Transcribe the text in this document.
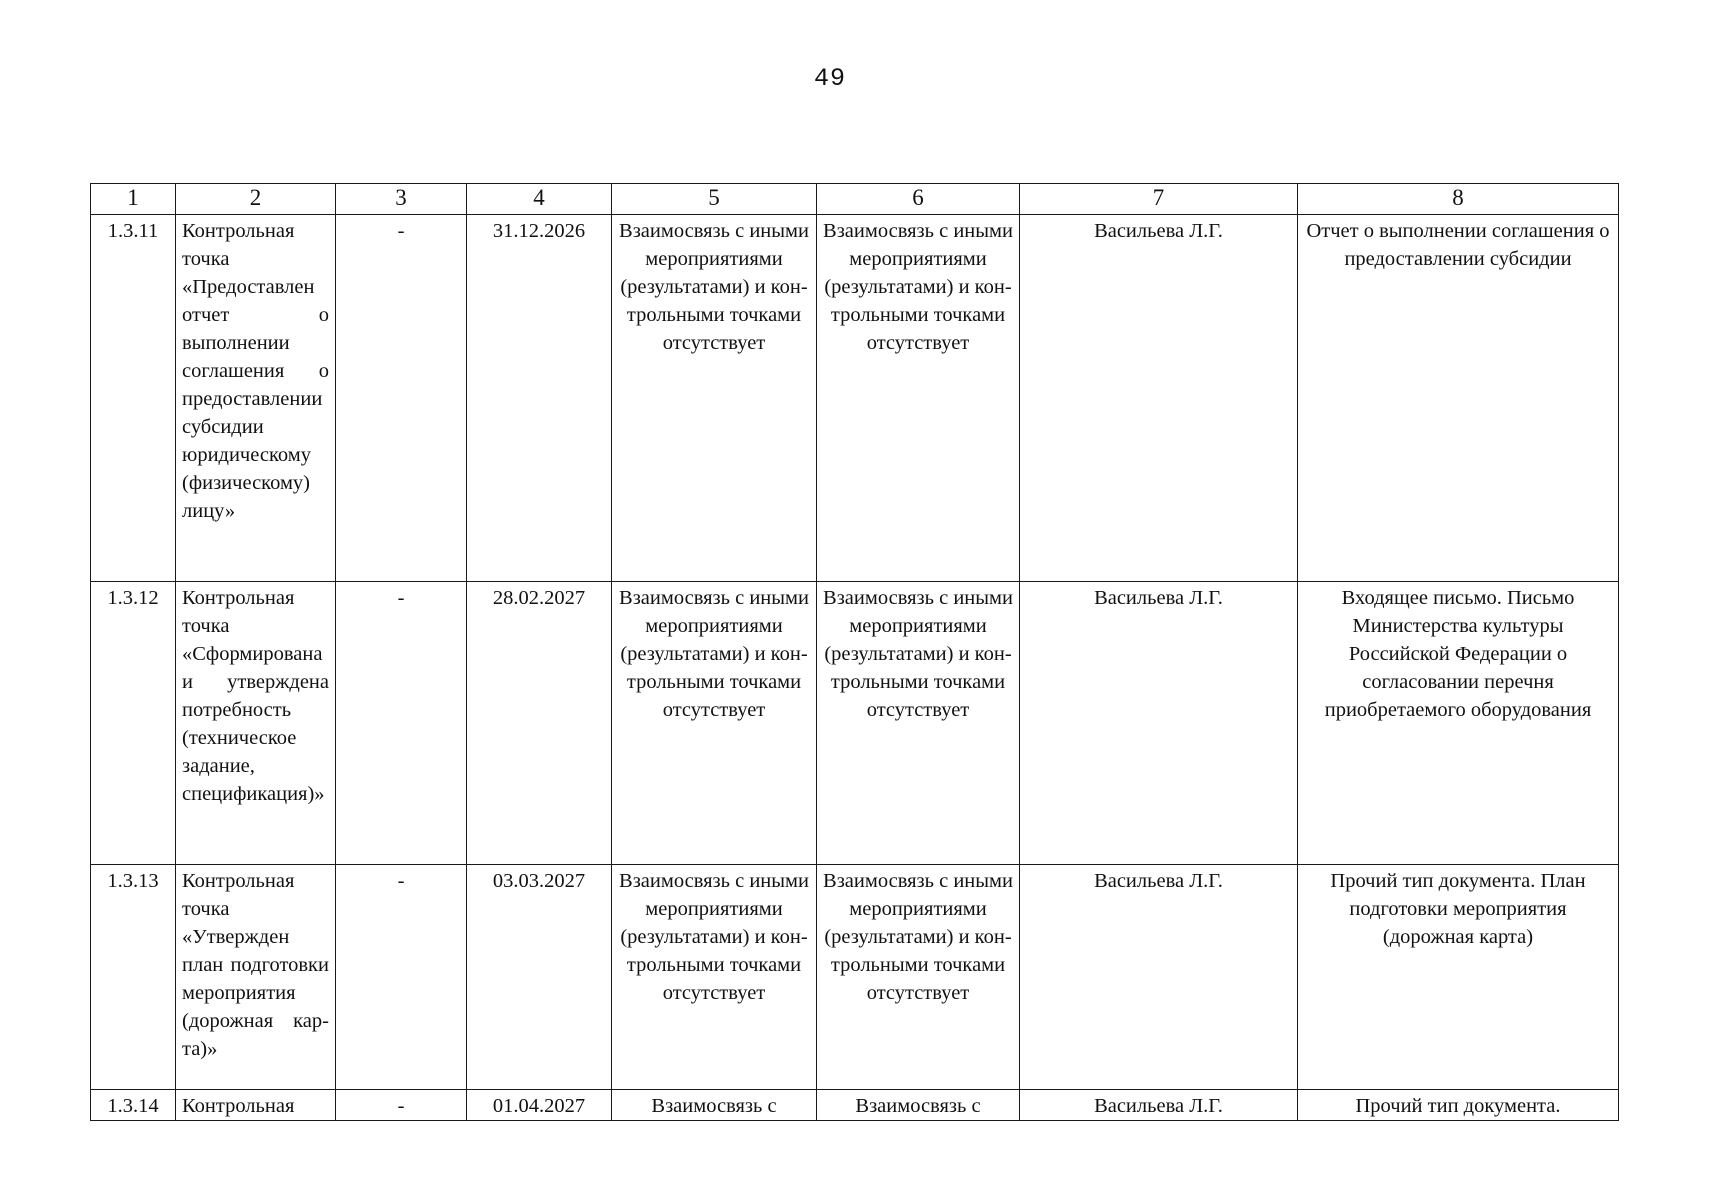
49
1	2	3	4	5	6	7	8
1.3.11	Контрольная точка «Предоставлен отчет о выполнении соглашения о предоставлении субсидии юридическому (физическому) лицу»	-	31.12.2026	Взаимосвязь с иными мероприятиями (результатами) и контрольными точками отсутствует	Взаимосвязь с иными мероприятиями (результатами) и контрольными точками отсутствует	Васильева Л.Г.	Отчет о выполнении соглашения о предоставлении субсидии
1.3.12	Контрольная точка «Сформирована и утверждена потребность (техническое задание, спецификация)»	-	28.02.2027	Взаимосвязь с иными мероприятиями (результатами) и контрольными точками отсутствует	Взаимосвязь с иными мероприятиями (результатами) и контрольными точками отсутствует	Васильева Л.Г.	Входящее письмо. Письмо Министерства культуры Российской Федерации о согласовании перечня приобретаемого оборудования
1.3.13	Контрольная точка «Утвержден план подготовки мероприятия (дорожная карта)»	-	03.03.2027	Взаимосвязь с иными мероприятиями (результатами) и контрольными точками отсутствует	Взаимосвязь с иными мероприятиями (результатами) и контрольными точками отсутствует	Васильева Л.Г.	Прочий тип документа. План подготовки мероприятия (дорожная карта)
1.3.14	Контрольная	-	01.04.2027	Взаимосвязь с	Взаимосвязь с	Васильева Л.Г.	Прочий тип документа.
